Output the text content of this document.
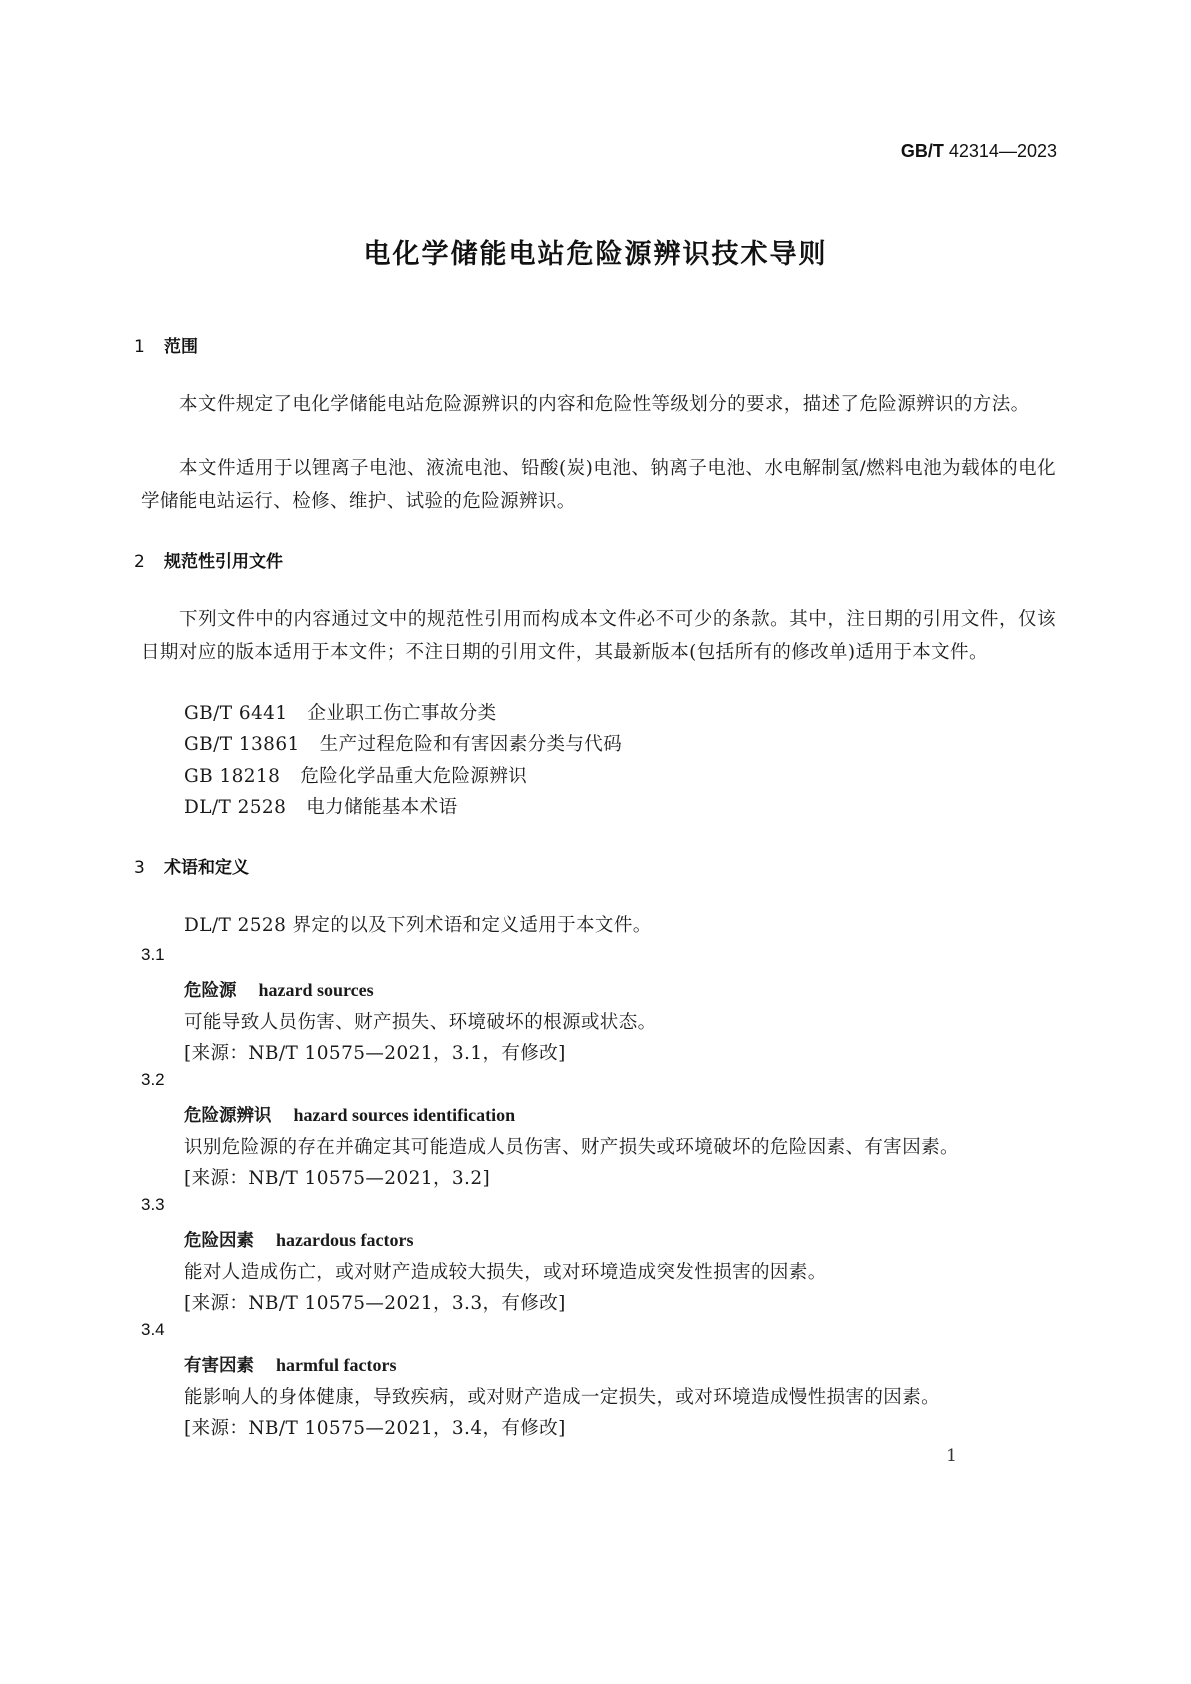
GB/T 42314—2023
电化学储能电站危险源辨识技术导则
1 范围
本文件规定了电化学储能电站危险源辨识的内容和危险性等级划分的要求，描述了危险源辨识的方法。
本文件适用于以锂离子电池、液流电池、铅酸(炭)电池、钠离子电池、水电解制氢/燃料电池为载体的电化学储能电站运行、检修、维护、试验的危险源辨识。
2 规范性引用文件
下列文件中的内容通过文中的规范性引用而构成本文件必不可少的条款。其中，注日期的引用文件，仅该日期对应的版本适用于本文件；不注日期的引用文件，其最新版本(包括所有的修改单)适用于本文件。
GB/T 6441 企业职工伤亡事故分类
GB/T 13861 生产过程危险和有害因素分类与代码
GB 18218 危险化学品重大危险源辨识
DL/T 2528 电力储能基本术语
3 术语和定义
DL/T 2528 界定的以及下列术语和定义适用于本文件。
3.1
危险源 hazard sources
可能导致人员伤害、财产损失、环境破坏的根源或状态。
[来源：NB/T 10575—2021，3.1，有修改]
3.2
危险源辨识 hazard sources identification
识别危险源的存在并确定其可能造成人员伤害、财产损失或环境破坏的危险因素、有害因素。
[来源：NB/T 10575—2021，3.2]
3.3
危险因素 hazardous factors
能对人造成伤亡，或对财产造成较大损失，或对环境造成突发性损害的因素。
[来源：NB/T 10575—2021，3.3，有修改]
3.4
有害因素 harmful factors
能影响人的身体健康，导致疾病，或对财产造成一定损失，或对环境造成慢性损害的因素。
[来源：NB/T 10575—2021，3.4，有修改]
1
